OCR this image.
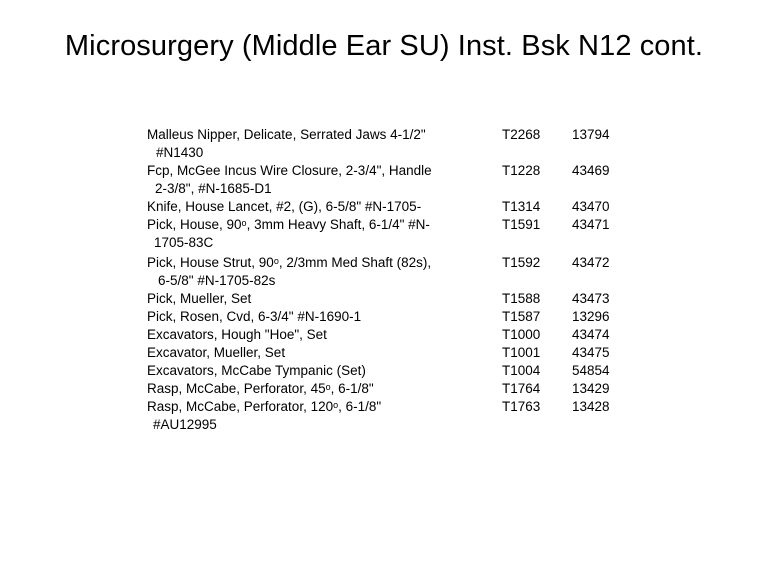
Microsurgery (Middle Ear SU) Inst. Bsk N12 cont.
Malleus Nipper, Delicate, Serrated Jaws 4-1/2"
#N1430
T2268	13794
Fcp, McGee Incus Wire Closure, 2-3/4", Handle
2-3/8", #N-1685-D1
T1228	43469
Knife, House Lancet, #2, (G), 6-5/8" #N-1705-	T1314	43470
Pick, House, 90$^o$, 3mm Heavy Shaft, 6-1/4" #N-
1705-83C
T1591	43471
Pick, House Strut, 90$^o$, 2/3mm Med Shaft (82s),
6-5/8" #N-1705-82s
T1592	43472
Pick, Mueller, Set	T1588	43473
Pick, Rosen, Cvd, 6-3/4" #N-1690-1	T1587	13296
Excavators, Hough "Hoe", Set	T1000	43474
Excavator, Mueller, Set	T1001	43475
Excavators, McCabe Tympanic (Set)	T1004	54854
Rasp, McCabe, Perforator, 45$^o$, 6-1/8"	T1764	13429
Rasp, McCabe, Perforator, 120$^o$, 6-1/8"
#AU12995
T1763	13428
